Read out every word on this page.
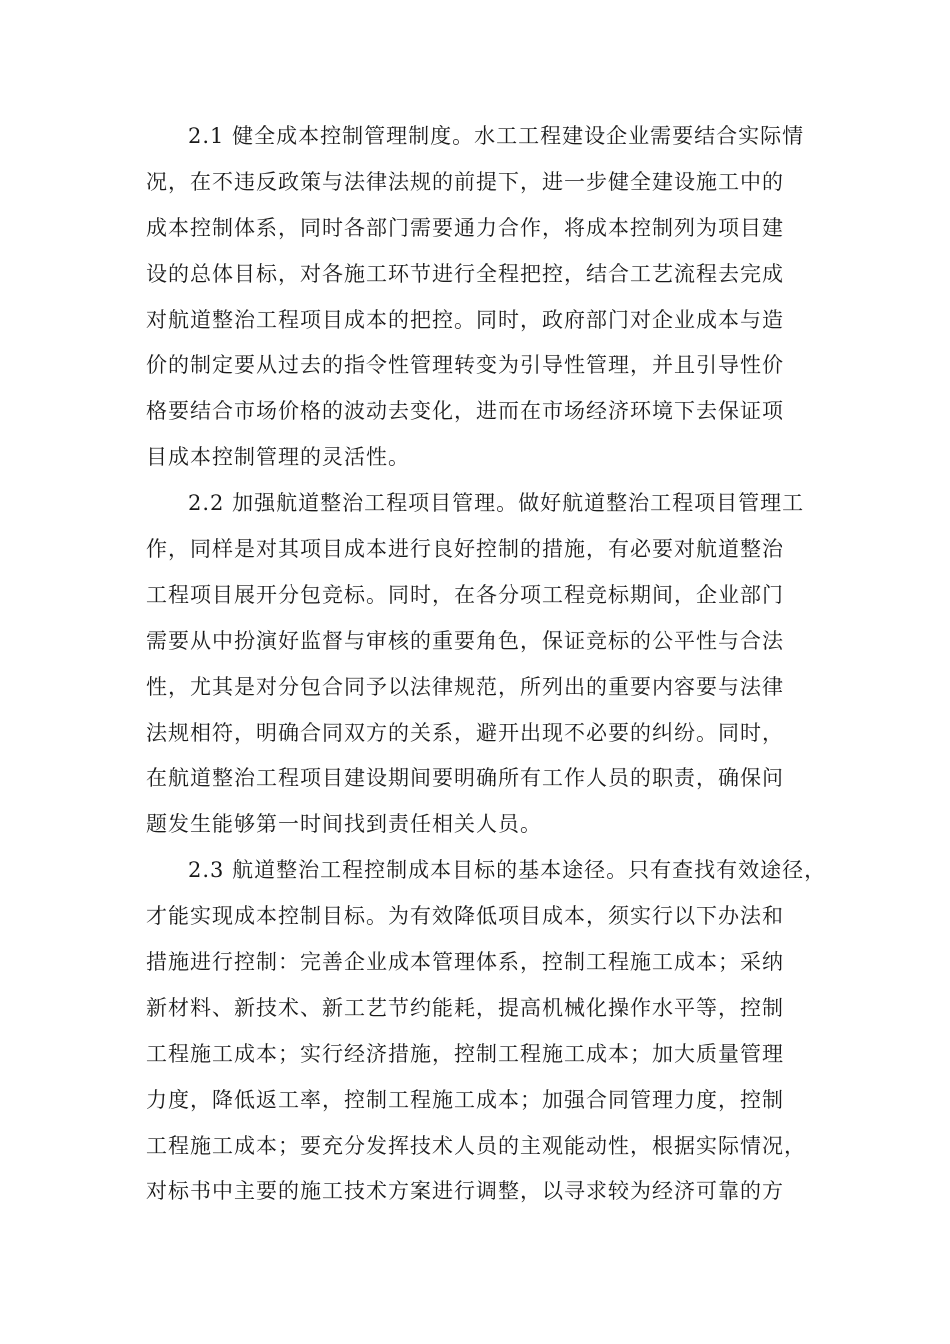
2.1 健全成本控制管理制度。水工工程建设企业需要结合实际情
况，在不违反政策与法律法规的前提下，进一步健全建设施工中的
成本控制体系，同时各部门需要通力合作，将成本控制列为项目建
设的总体目标，对各施工环节进行全程把控，结合工艺流程去完成
对航道整治工程项目成本的把控。同时，政府部门对企业成本与造
价的制定要从过去的指令性管理转变为引导性管理，并且引导性价
格要结合市场价格的波动去变化，进而在市场经济环境下去保证项
目成本控制管理的灵活性。
2.2 加强航道整治工程项目管理。做好航道整治工程项目管理工
作，同样是对其项目成本进行良好控制的措施，有必要对航道整治
工程项目展开分包竞标。同时，在各分项工程竞标期间，企业部门
需要从中扮演好监督与审核的重要角色，保证竞标的公平性与合法
性，尤其是对分包合同予以法律规范，所列出的重要内容要与法律
法规相符，明确合同双方的关系，避开出现不必要的纠纷。同时，
在航道整治工程项目建设期间要明确所有工作人员的职责，确保问
题发生能够第一时间找到责任相关人员。
2.3 航道整治工程控制成本目标的基本途径。只有查找有效途径，
才能实现成本控制目标。为有效降低项目成本，须实行以下办法和
措施进行控制：完善企业成本管理体系，控制工程施工成本；采纳
新材料、新技术、新工艺节约能耗，提高机械化操作水平等，控制
工程施工成本；实行经济措施，控制工程施工成本；加大质量管理
力度，降低返工率，控制工程施工成本；加强合同管理力度，控制
工程施工成本；要充分发挥技术人员的主观能动性，根据实际情况，
对标书中主要的施工技术方案进行调整，以寻求较为经济可靠的方
